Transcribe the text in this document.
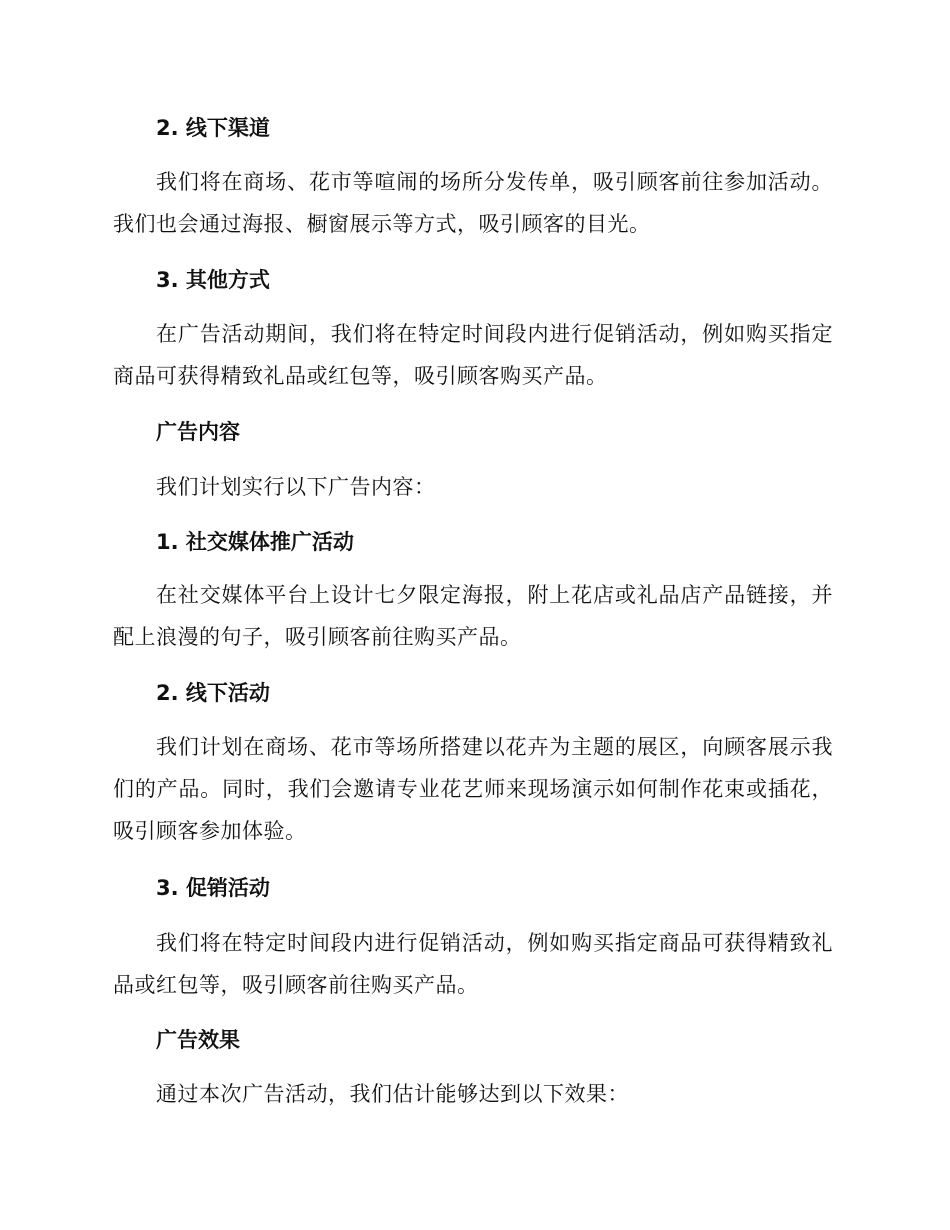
2. 线下渠道

我们将在商场、花市等喧闹的场所分发传单，吸引顾客前往参加活动。我们也会通过海报、橱窗展示等方式，吸引顾客的目光。

3. 其他方式

在广告活动期间，我们将在特定时间段内进行促销活动，例如购买指定商品可获得精致礼品或红包等，吸引顾客购买产品。

广告内容

我们计划实行以下广告内容：

1. 社交媒体推广活动

在社交媒体平台上设计七夕限定海报，附上花店或礼品店产品链接，并配上浪漫的句子，吸引顾客前往购买产品。

2. 线下活动

我们计划在商场、花市等场所搭建以花卉为主题的展区，向顾客展示我们的产品。同时，我们会邀请专业花艺师来现场演示如何制作花束或插花，吸引顾客参加体验。

3. 促销活动

我们将在特定时间段内进行促销活动，例如购买指定商品可获得精致礼品或红包等，吸引顾客前往购买产品。

广告效果

通过本次广告活动，我们估计能够达到以下效果：
